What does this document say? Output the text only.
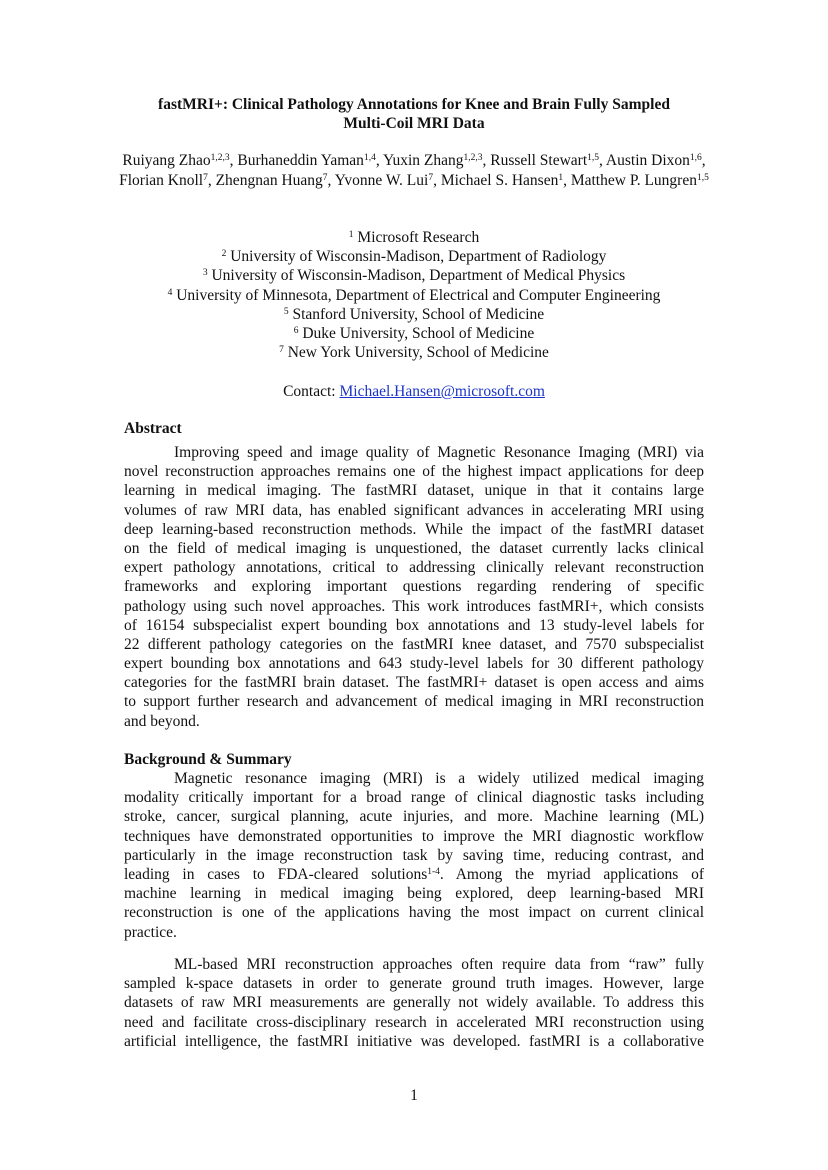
fastMRI+: Clinical Pathology Annotations for Knee and Brain Fully Sampled
Multi-Coil MRI Data
Ruiyang Zhao$^{1,2,3}$, Burhaneddin Yaman$^{1,4}$, Yuxin Zhang$^{1,2,3}$, Russell Stewart$^{1,5}$, Austin Dixon$^{1,6}$, Florian Knoll$^7$, Zhengnan Huang$^7$, Yvonne W. Lui$^7$, Michael S. Hansen$^1$, Matthew P. Lungren$^{1,5}$
$^1$ Microsoft Research
$^2$ University of Wisconsin-Madison, Department of Radiology
$^3$ University of Wisconsin-Madison, Department of Medical Physics
$^4$ University of Minnesota, Department of Electrical and Computer Engineering
$^5$ Stanford University, School of Medicine
$^6$ Duke University, School of Medicine
$^7$ New York University, School of Medicine
Contact: Michael.Hansen@microsoft.com
Abstract
Improving speed and image quality of Magnetic Resonance Imaging (MRI) via
novel reconstruction approaches remains one of the highest impact applications for deep
learning in medical imaging. The fastMRI dataset, unique in that it contains large
volumes of raw MRI data, has enabled significant advances in accelerating MRI using
deep learning-based reconstruction methods. While the impact of the fastMRI dataset
on the field of medical imaging is unquestioned, the dataset currently lacks clinical
expert pathology annotations, critical to addressing clinically relevant reconstruction
frameworks and exploring important questions regarding rendering of specific
pathology using such novel approaches. This work introduces fastMRI+, which consists
of 16154 subspecialist expert bounding box annotations and 13 study-level labels for
22 different pathology categories on the fastMRI knee dataset, and 7570 subspecialist
expert bounding box annotations and 643 study-level labels for 30 different pathology
categories for the fastMRI brain dataset. The fastMRI+ dataset is open access and aims
to support further research and advancement of medical imaging in MRI reconstruction
and beyond.
Background & Summary
Magnetic resonance imaging (MRI) is a widely utilized medical imaging
modality critically important for a broad range of clinical diagnostic tasks including
stroke, cancer, surgical planning, acute injuries, and more. Machine learning (ML)
techniques have demonstrated opportunities to improve the MRI diagnostic workflow
particularly in the image reconstruction task by saving time, reducing contrast, and
leading in cases to FDA-cleared solutions$^{1-4}$. Among the myriad applications of
machine learning in medical imaging being explored, deep learning-based MRI
reconstruction is one of the applications having the most impact on current clinical
practice.
ML-based MRI reconstruction approaches often require data from “raw” fully
sampled k-space datasets in order to generate ground truth images. However, large
datasets of raw MRI measurements are generally not widely available. To address this
need and facilitate cross-disciplinary research in accelerated MRI reconstruction using
artificial intelligence, the fastMRI initiative was developed. fastMRI is a collaborative
1
